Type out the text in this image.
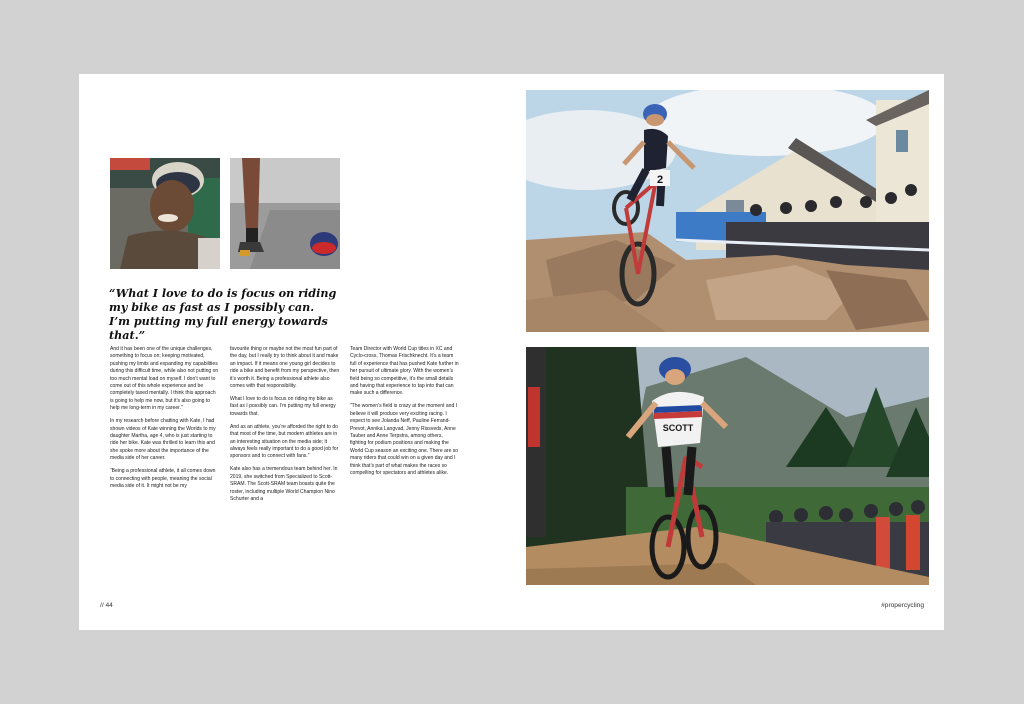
“What I love to do is focus on riding my bike as fast as I possibly can. I’m putting my full energy towards that.”

And it has been one of the unique challenges, something to focus on; keeping motivated, pushing my limits and expanding my capabilities during this difficult time, while also not putting on too much mental load on myself. I don’t want to come out of this whole experience and be completely taxed mentally. I think this approach is going to help me now, but it’s also going to help me long-term in my career.”

In my research before chatting with Kate, I had shown videos of Kate winning the Worlds to my daughter Martha, age 4, who is just starting to ride her bike. Kate was thrilled to learn this and she spoke more about the importance of the media side of her career.

“Being a professional athlete, it all comes down to connecting with people, meaning the social media side of it. It might not be my

favourite thing or maybe not the most fun part of the day, but I really try to think about it and make an impact. If it means one young girl decides to ride a bike and benefit from my perspective, then it’s worth it. Being a professional athlete also comes with that responsibility.

What I love to do is focus on riding my bike as fast as I possibly can. I’m putting my full energy towards that.

And as an athlete, you’re afforded the right to do that most of the time, but modern athletes are in an interesting situation on the media side; it always feels really important to do a good job for sponsors and to connect with fans.”

Kate also has a tremendous team behind her. In 2019, she switched from Specialized to Scott-SRAM. The Scott-SRAM team boasts quite the roster, including multiple World Champion Nino Schurter and a

Team Director with World Cup titles in XC and Cyclo-cross, Thomas Frischknecht. It’s a team full of experience that has pushed Kate further in her pursuit of ultimate glory. With the women’s field being so competitive, it’s the small details and having that experience to tap into that can make such a difference.

“The women’s field is crazy at the moment and I believe it will produce very exciting racing. I expect to see Jolanda Neff, Pauline Ferrand-Prevot, Annika Langvad, Jenny Rissveds, Anne Tauber and Anne Terpstra, among others, fighting for podium positions and making the World Cup season an exciting one. There are so many riders that could win on a given day and I think that’s part of what makes the races so compelling for spectators and athletes alike.

2
SCOTT
// 44	#propercycling
